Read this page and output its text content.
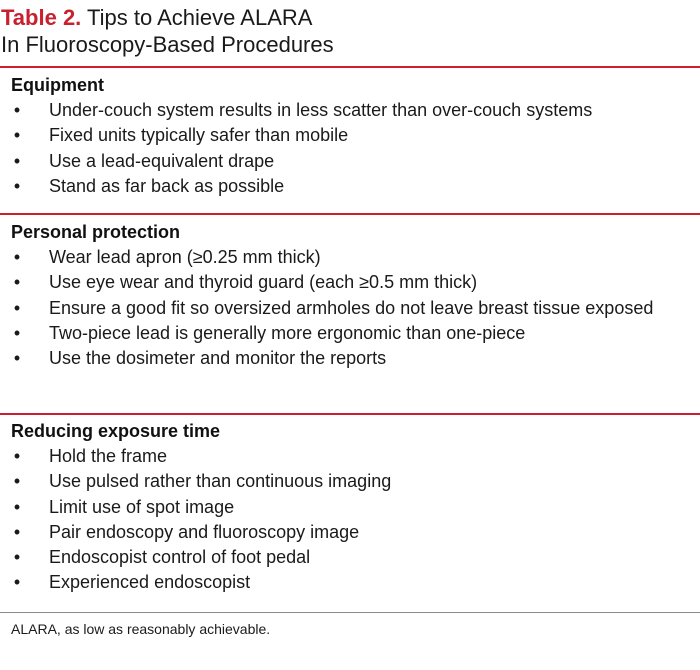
Table 2. Tips to Achieve ALARA
In Fluoroscopy-Based Procedures
Equipment
• Under-couch system results in less scatter than over-couch systems
• Fixed units typically safer than mobile
• Use a lead-equivalent drape
• Stand as far back as possible
Personal protection
• Wear lead apron (≥0.25 mm thick)
• Use eye wear and thyroid guard (each ≥0.5 mm thick)
• Ensure a good fit so oversized armholes do not leave breast tissue exposed
• Two-piece lead is generally more ergonomic than one-piece
• Use the dosimeter and monitor the reports
Reducing exposure time
• Hold the frame
• Use pulsed rather than continuous imaging
• Limit use of spot image
• Pair endoscopy and fluoroscopy image
• Endoscopist control of foot pedal
• Experienced endoscopist
ALARA, as low as reasonably achievable.
